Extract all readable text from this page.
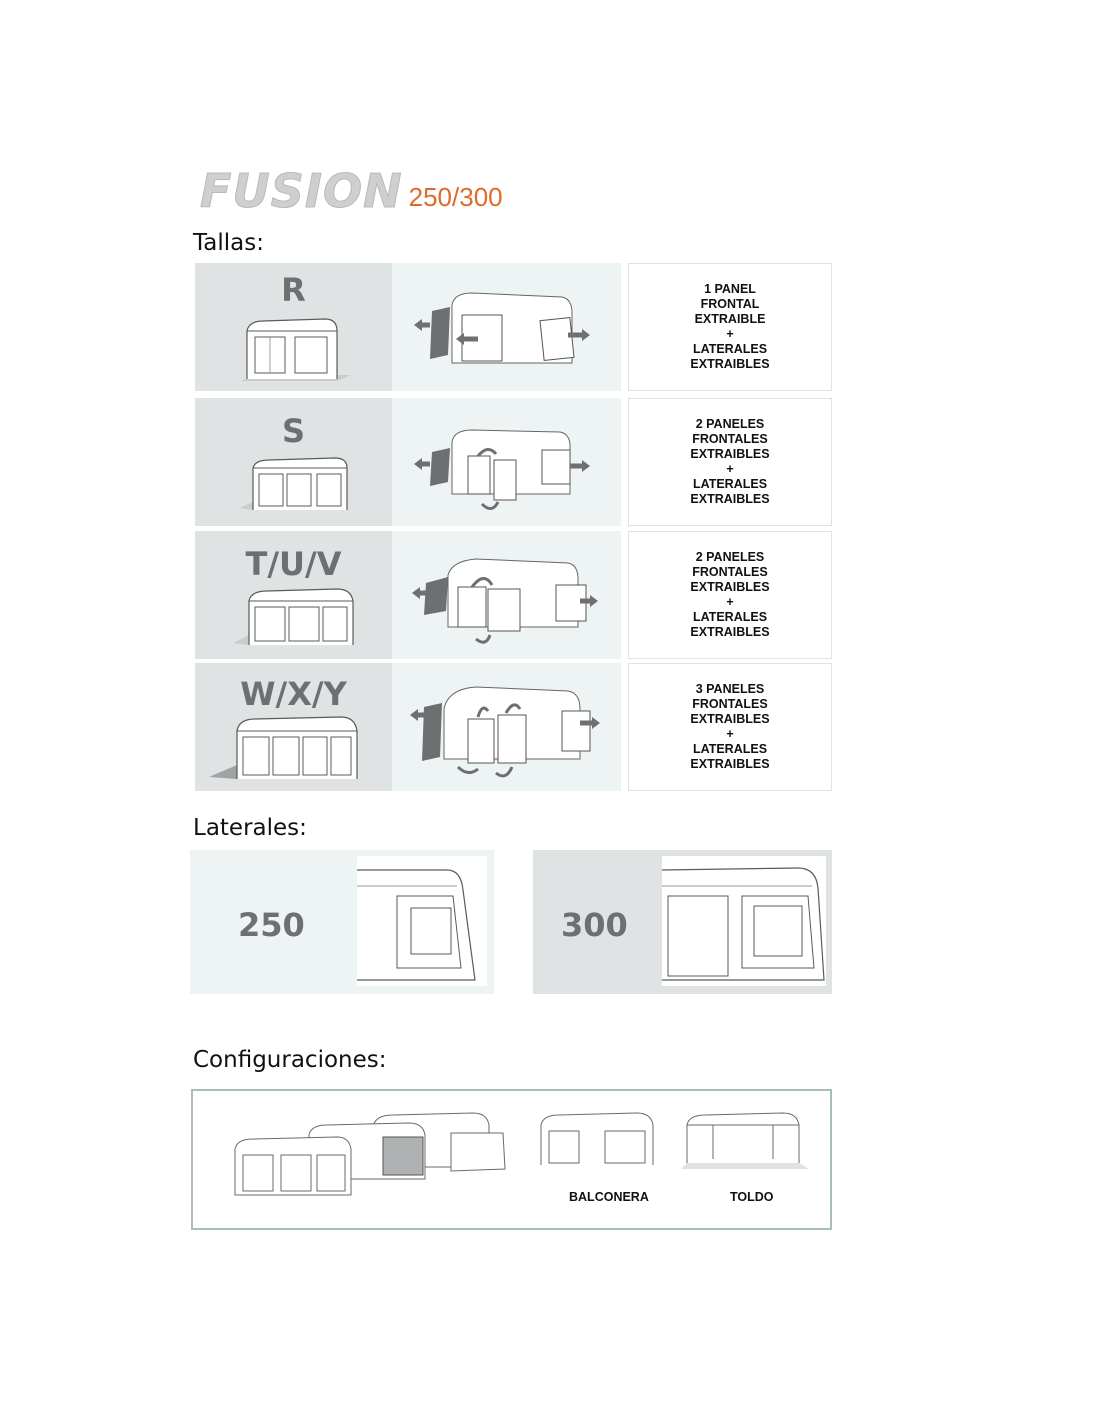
FUSION 250/300
Tallas:
R	1 PANEL
FRONTAL
EXTRAIBLE
+
LATERALES
EXTRAIBLES
S	2 PANELES
FRONTALES
EXTRAIBLES
+
LATERALES
EXTRAIBLES
T/U/V	2 PANELES
FRONTALES
EXTRAIBLES
+
LATERALES
EXTRAIBLES
W/X/Y	3 PANELES
FRONTALES
EXTRAIBLES
+
LATERALES
EXTRAIBLES
Laterales:
250	300
Configuraciones:
BALCONERA	TOLDO
